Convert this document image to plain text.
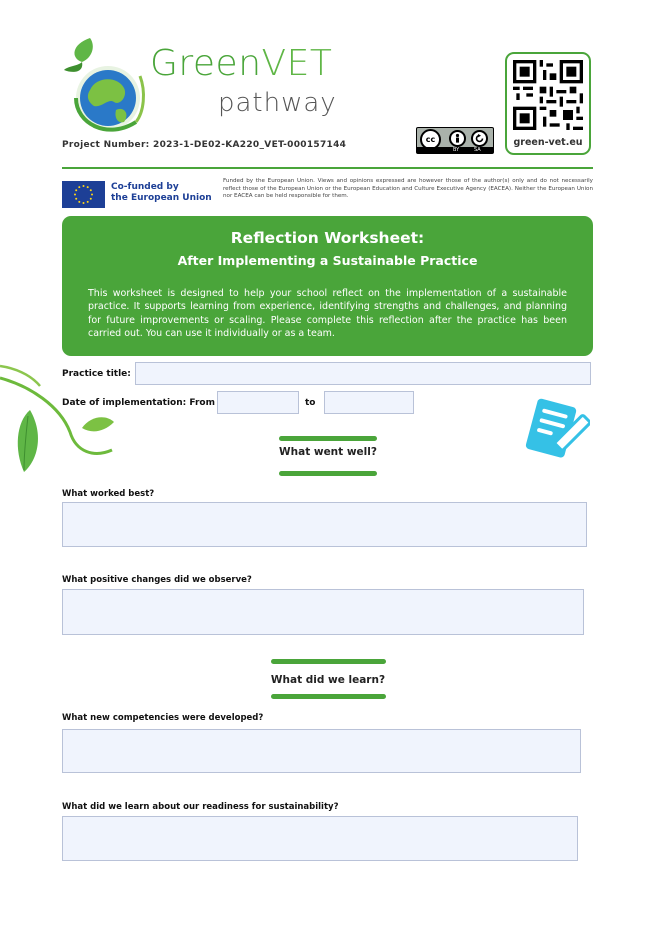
GreenVET
pathway
Project Number: 2023-1-DE02-KA220_VET-000157144
cc
BY	SA
green-vet.eu
Co-funded by
the European Union
Funded by the European Union. Views and opinions expressed are however those of the author(s) only and do not necessarily reflect those of the European Union or the European Education and Culture Executive Agency (EACEA). Neither the European Union nor EACEA can be held responsible for them.
Reflection Worksheet:
After Implementing a Sustainable Practice
This worksheet is designed to help your school reflect on the implementation of a sustainable practice. It supports learning from experience, identifying strengths and challenges, and planning for future improvements or scaling. Please complete this reflection after the practice has been carried out. You can use it individually or as a team.
Practice title:
Date of implementation: From	to
What went well?
What worked best?
What positive changes did we observe?
What did we learn?
What new competencies were developed?
What did we learn about our readiness for sustainability?
